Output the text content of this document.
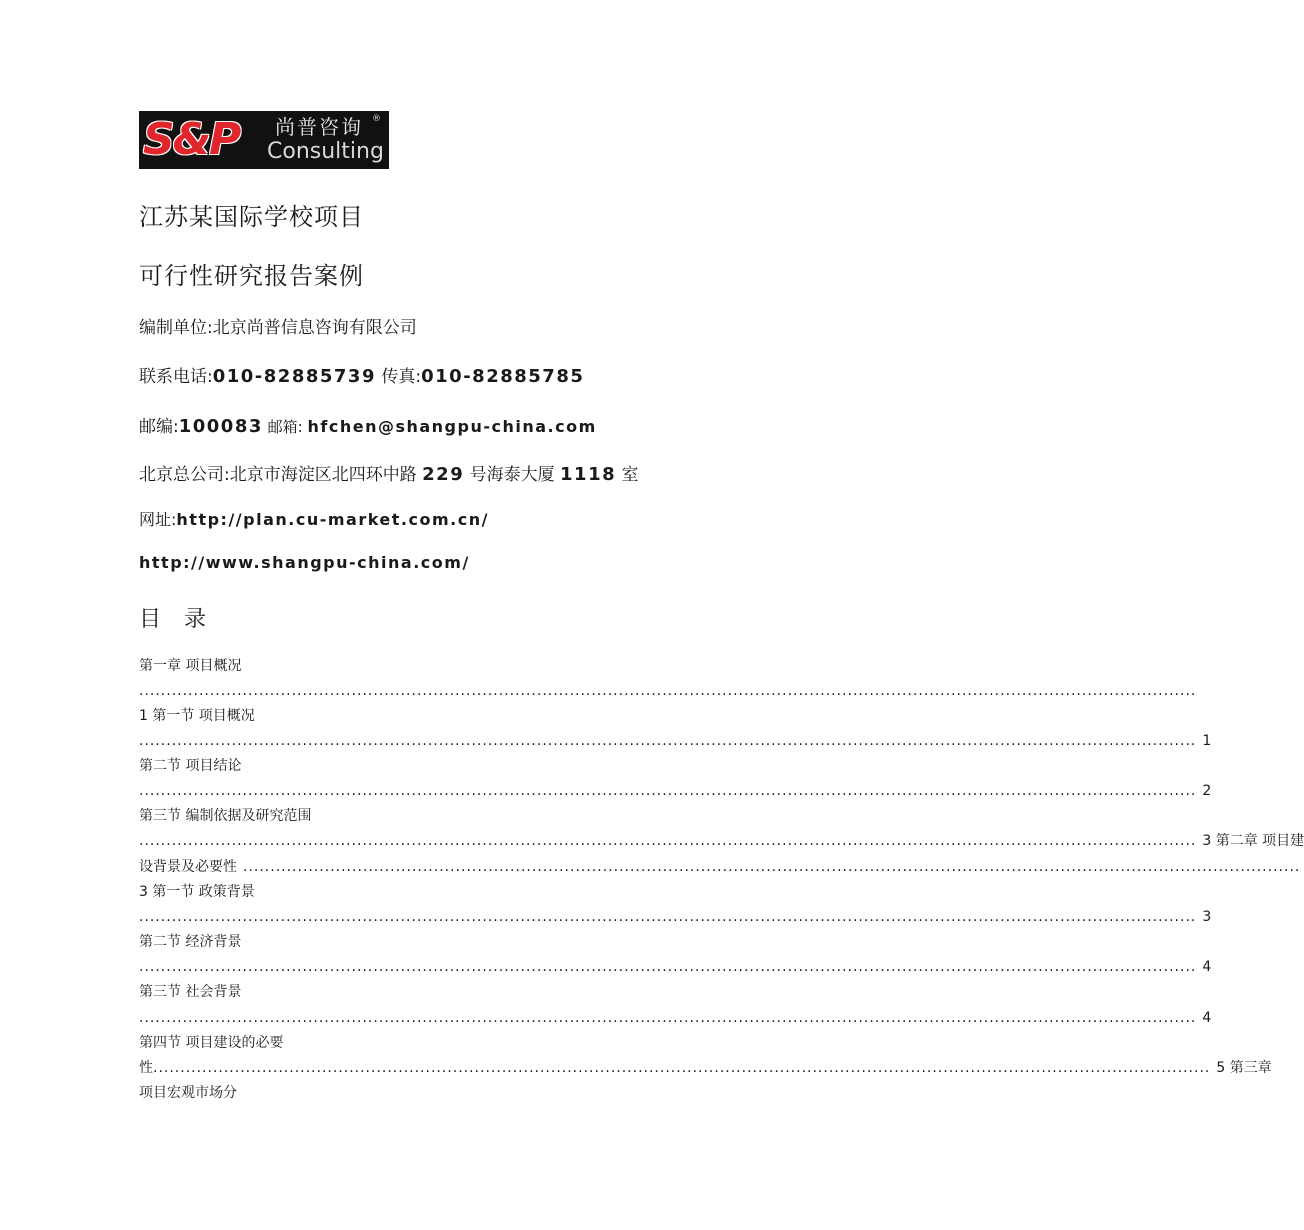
S&P 尚普咨询
Consulting
®
江苏某国际学校项目
可行性研究报告案例
编制单位:北京尚普信息咨询有限公司
联系电话:010-82885739 传真:010-82885785
邮编:100083 邮箱: hfchen@shangpu-china.com
北京总公司:北京市海淀区北四环中路 229 号海泰大厦 1118 室
网址:http://plan.cu-market.com.cn/
http://www.shangpu-china.com/
目 录
第一章 项目概况
..................................................................................................................................................................................................
1 第一节 项目概况
.................................................................................................................................................................................................. 1
第二节 项目结论
.................................................................................................................................................................................................. 2
第三节 编制依据及研究范围
.................................................................................................................................................................................................. 3 第二章 项目建
设背景及必要性 ..................................................................................................................................................................................................
3 第一节 政策背景
.................................................................................................................................................................................................. 3
第二节 经济背景
.................................................................................................................................................................................................. 4
第三节 社会背景
.................................................................................................................................................................................................. 4
第四节 项目建设的必要
性 .................................................................................................................................................................................................. 5 第三章
项目宏观市场分
